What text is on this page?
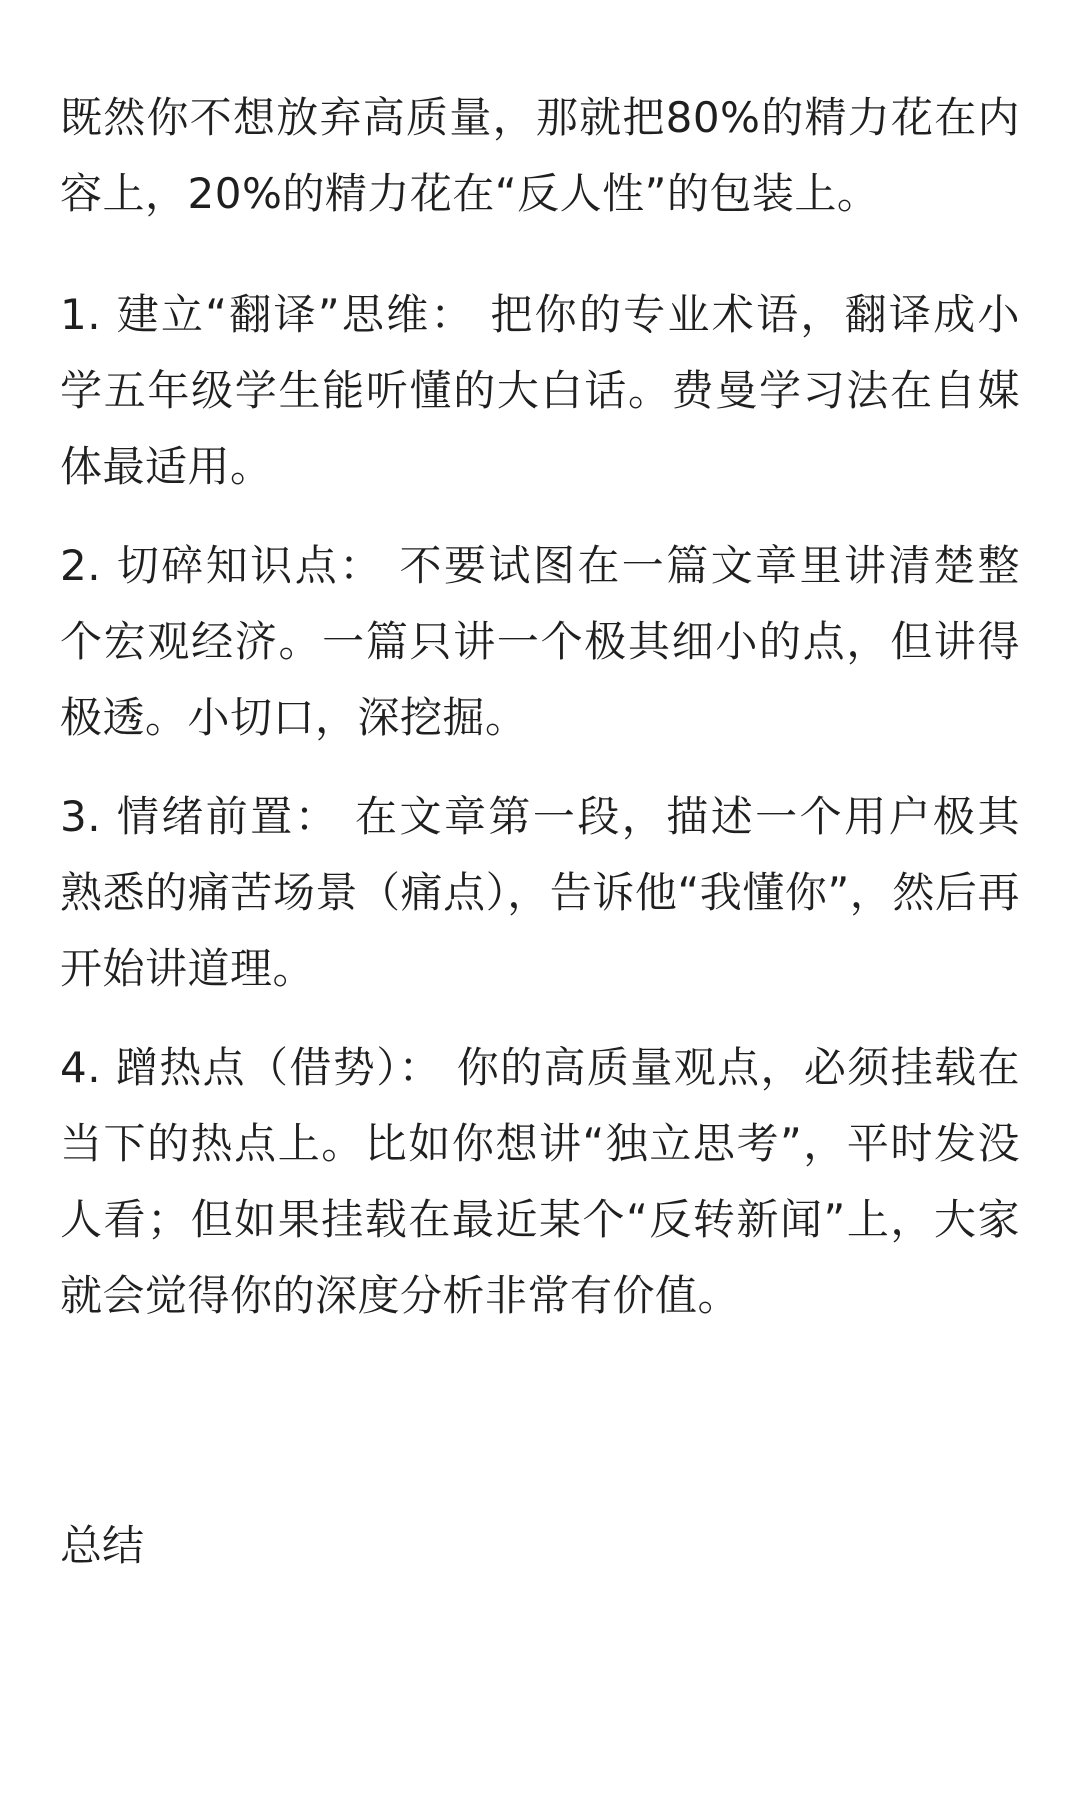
既然你不想放弃高质量，那就把80%的精力花在内容上，20%的精力花在“反人性”的包装上。

1. 建立“翻译”思维： 把你的专业术语，翻译成小学五年级学生能听懂的大白话。费曼学习法在自媒体最适用。

2. 切碎知识点： 不要试图在一篇文章里讲清楚整个宏观经济。一篇只讲一个极其细小的点，但讲得极透。小切口，深挖掘。

3. 情绪前置： 在文章第一段，描述一个用户极其熟悉的痛苦场景（痛点），告诉他“我懂你”，然后再开始讲道理。

4. 蹭热点（借势）： 你的高质量观点，必须挂载在当下的热点上。比如你想讲“独立思考”，平时发没人看；但如果挂载在最近某个“反转新闻”上，大家就会觉得你的深度分析非常有价值。

总结
